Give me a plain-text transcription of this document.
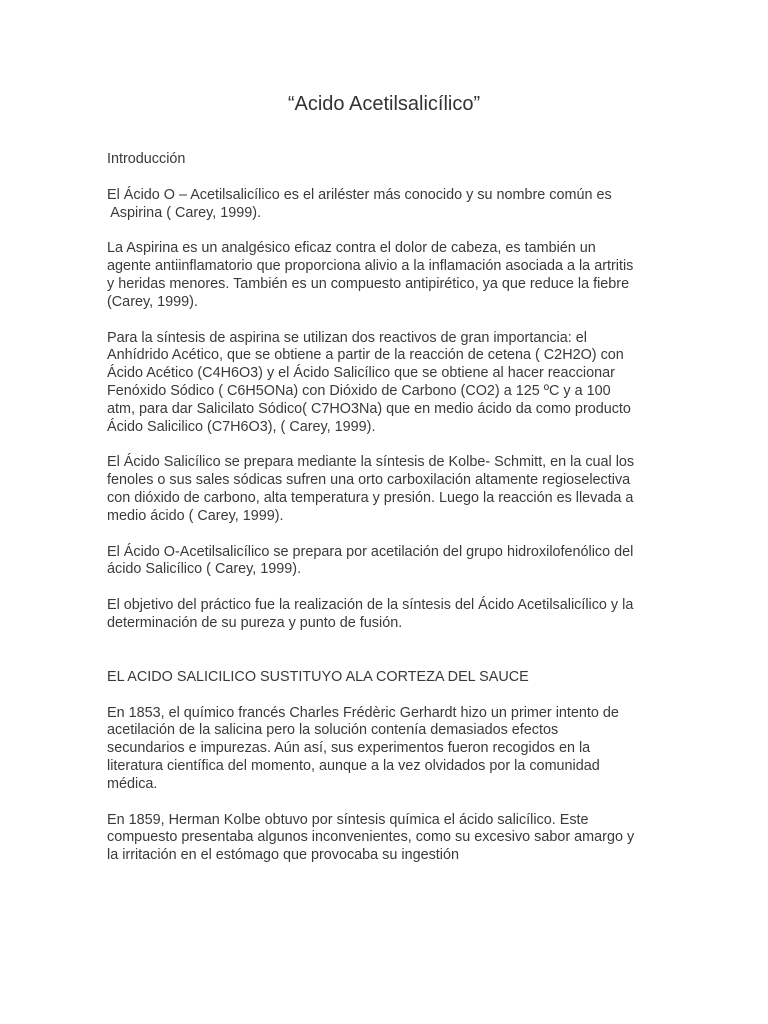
“Acido Acetilsalicílico”

Introducción

El Ácido O – Acetilsalicílico es el ariléster más conocido y su nombre común es
Aspirina ( Carey, 1999).

La Aspirina es un analgésico eficaz contra el dolor de cabeza, es también un
agente antiinflamatorio que proporciona alivio a la inflamación asociada a la artritis
y heridas menores. También es un compuesto antipirético, ya que reduce la fiebre
(Carey, 1999).

Para la síntesis de aspirina se utilizan dos reactivos de gran importancia: el
Anhídrido Acético, que se obtiene a partir de la reacción de cetena ( C2H2O) con
Ácido Acético (C4H6O3) y el Ácido Salicílico que se obtiene al hacer reaccionar
Fenóxido Sódico ( C6H5ONa) con Dióxido de Carbono (CO2) a 125 ºC y a 100
atm, para dar Salicilato Sódico( C7HO3Na) que en medio ácido da como producto
Ácido Salicilico (C7H6O3), ( Carey, 1999).

El Ácido Salicílico se prepara mediante la síntesis de Kolbe- Schmitt, en la cual los
fenoles o sus sales sódicas sufren una orto carboxilación altamente regioselectiva
con dióxido de carbono, alta temperatura y presión. Luego la reacción es llevada a
medio ácido ( Carey, 1999).

El Ácido O-Acetilsalicílico se prepara por acetilación del grupo hidroxilofenólico del
ácido Salicílico ( Carey, 1999).

El objetivo del práctico fue la realización de la síntesis del Ácido Acetilsalicílico y la
determinación de su pureza y punto de fusión.

EL ACIDO SALICILICO SUSTITUYO ALA CORTEZA DEL SAUCE

En 1853, el químico francés Charles Frédèric Gerhardt hizo un primer intento de
acetilación de la salicina pero la solución contenía demasiados efectos
secundarios e impurezas. Aún así, sus experimentos fueron recogidos en la
literatura científica del momento, aunque a la vez olvidados por la comunidad
médica.

En 1859, Herman Kolbe obtuvo por síntesis química el ácido salicílico. Este
compuesto presentaba algunos inconvenientes, como su excesivo sabor amargo y
la irritación en el estómago que provocaba su ingestión
